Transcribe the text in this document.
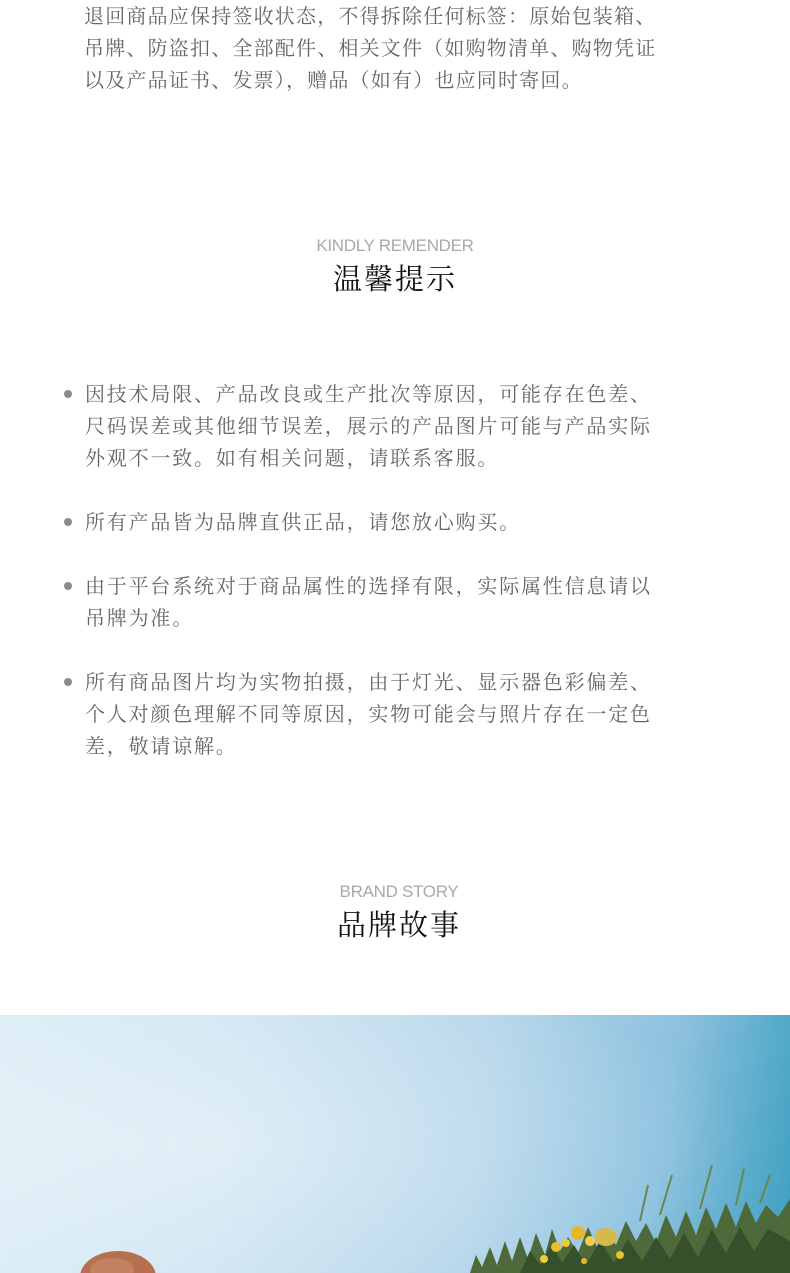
退回商品应保持签收状态，不得拆除任何标签：原始包装箱、
吊牌、防盗扣、全部配件、相关文件（如购物清单、购物凭证
以及产品证书、发票），赠品（如有）也应同时寄回。

KINDLY REMENDER
温馨提示
因技术局限、产品改良或生产批次等原因，可能存在色差、
尺码误差或其他细节误差，展示的产品图片可能与产品实际
外观不一致。如有相关问题，请联系客服。
所有产品皆为品牌直供正品，请您放心购买。
由于平台系统对于商品属性的选择有限，实际属性信息请以
吊牌为准。
所有商品图片均为实物拍摄，由于灯光、显示器色彩偏差、
个人对颜色理解不同等原因，实物可能会与照片存在一定色
差，敬请谅解。
BRAND STORY
品牌故事
